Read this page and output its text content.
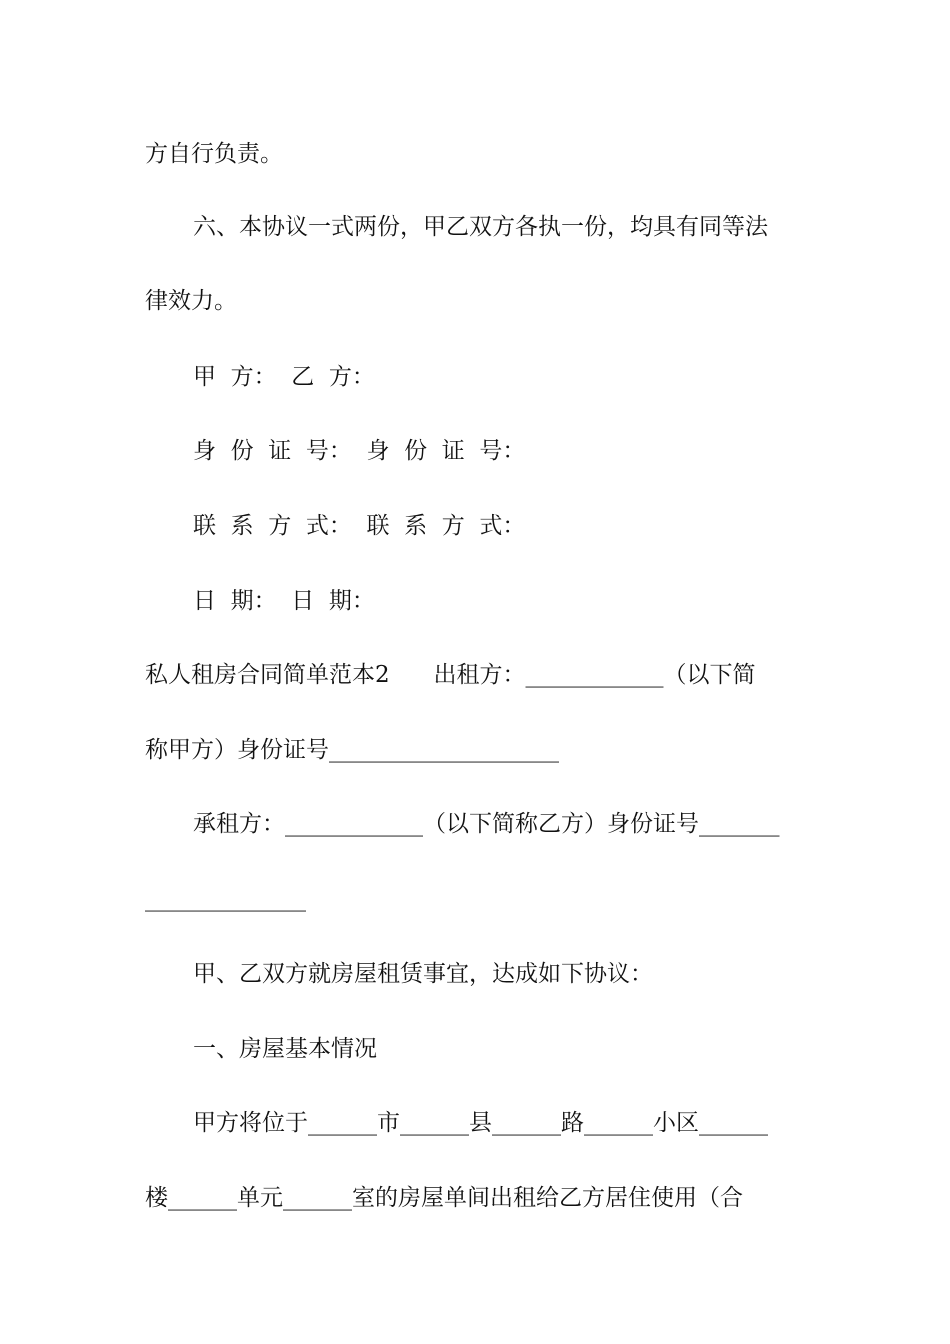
方自行负责。
六、本协议一式两份，甲乙双方各执一份，均具有同等法
律效力。
甲  方：  乙  方：
身  份  证  号：  身  份  证  号：
联  系  方  式：  联  系  方  式：
日  期：  日  期：
私人租房合同简单范本2      出租方：____________（以下简
称甲方）身份证号____________________
承租方：____________（以下简称乙方）身份证号_______
______________
甲、乙双方就房屋租赁事宜，达成如下协议：
一、房屋基本情况
甲方将位于______市______县______路______小区______
楼______单元______室的房屋单间出租给乙方居住使用（合
